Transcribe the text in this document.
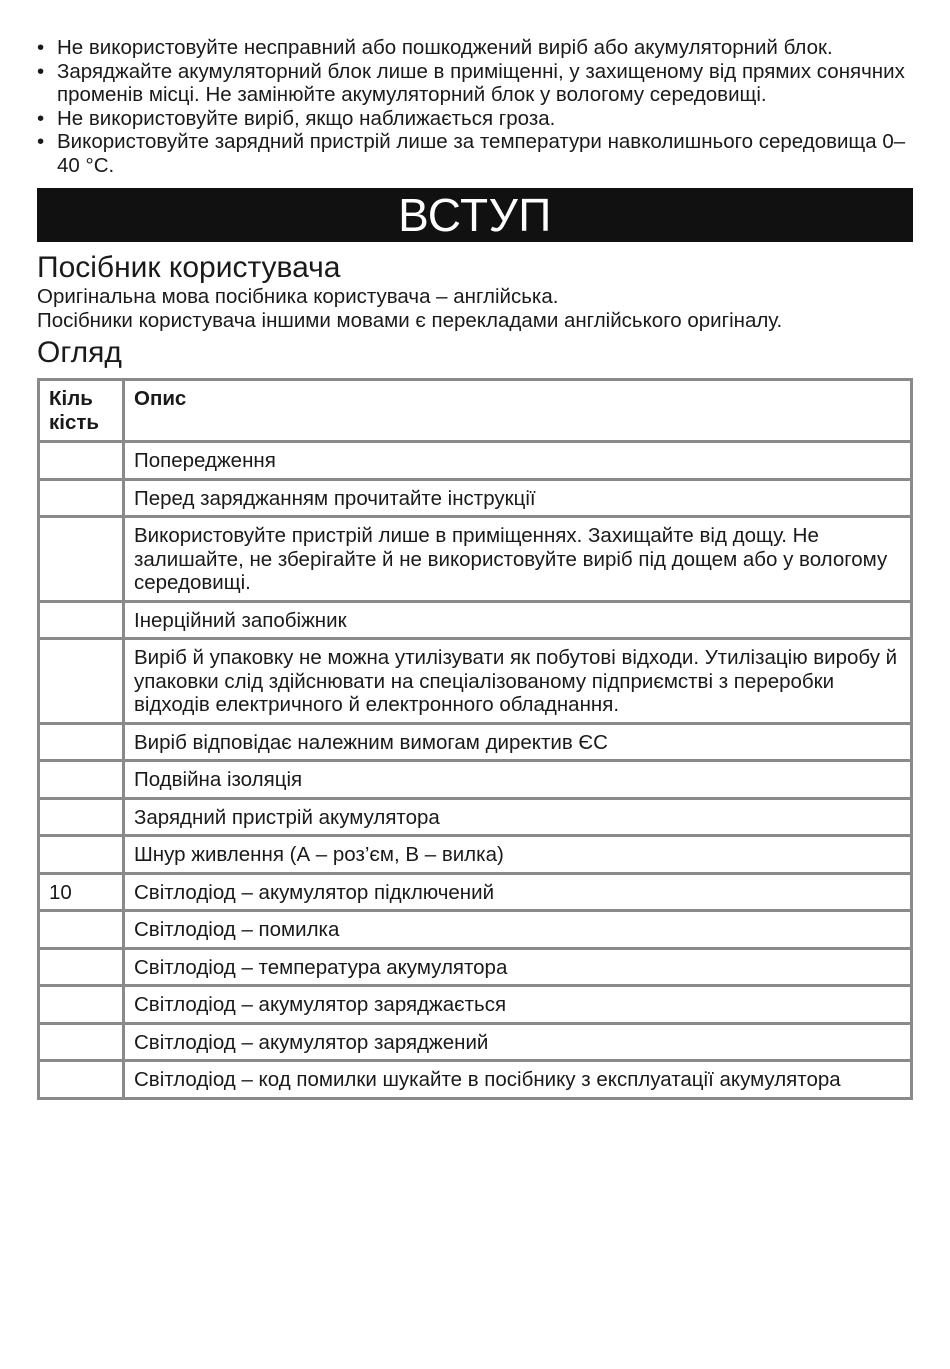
• Не використовуйте несправний або пошкоджений виріб або акумуляторний блок.
• Заряджайте акумуляторний блок лише в приміщенні, у захищеному від прямих сонячних променів місці. Не замінюйте акумуляторний блок у вологому середовищі.
• Не використовуйте виріб, якщо наближається гроза.
• Використовуйте зарядний пристрій лише за температури навколишнього середовища 0–40 °C.
ВСТУП
Посібник користувача

Оригінальна мова посібника користувача – англійська.

Посібники користувача іншими мовами є перекладами англійського оригіналу.

Огляд
Кіль кість	Опис
	Попередження
	Перед заряджанням прочитайте інструкції
	Використовуйте пристрій лише в приміщеннях. Захищайте від дощу. Не залишайте, не зберігайте й не використовуйте виріб під дощем або у вологому середовищі.
	Інерційний запобіжник
	Виріб й упаковку не можна утилізувати як побутові відходи. Утилізацію виробу й упаковки слід здійснювати на спеціалізованому підприємстві з переробки відходів електричного й електронного обладнання.
	Виріб відповідає належним вимогам директив ЄС
	Подвійна ізоляція
	Зарядний пристрій акумулятора
	Шнур живлення (А – роз’єм, В – вилка)
10	Світлодіод – акумулятор підключений
	Світлодіод – помилка
	Світлодіод – температура акумулятора
	Світлодіод – акумулятор заряджається
	Світлодіод – акумулятор заряджений
	Світлодіод – код помилки шукайте в посібнику з експлуатації акумулятора
